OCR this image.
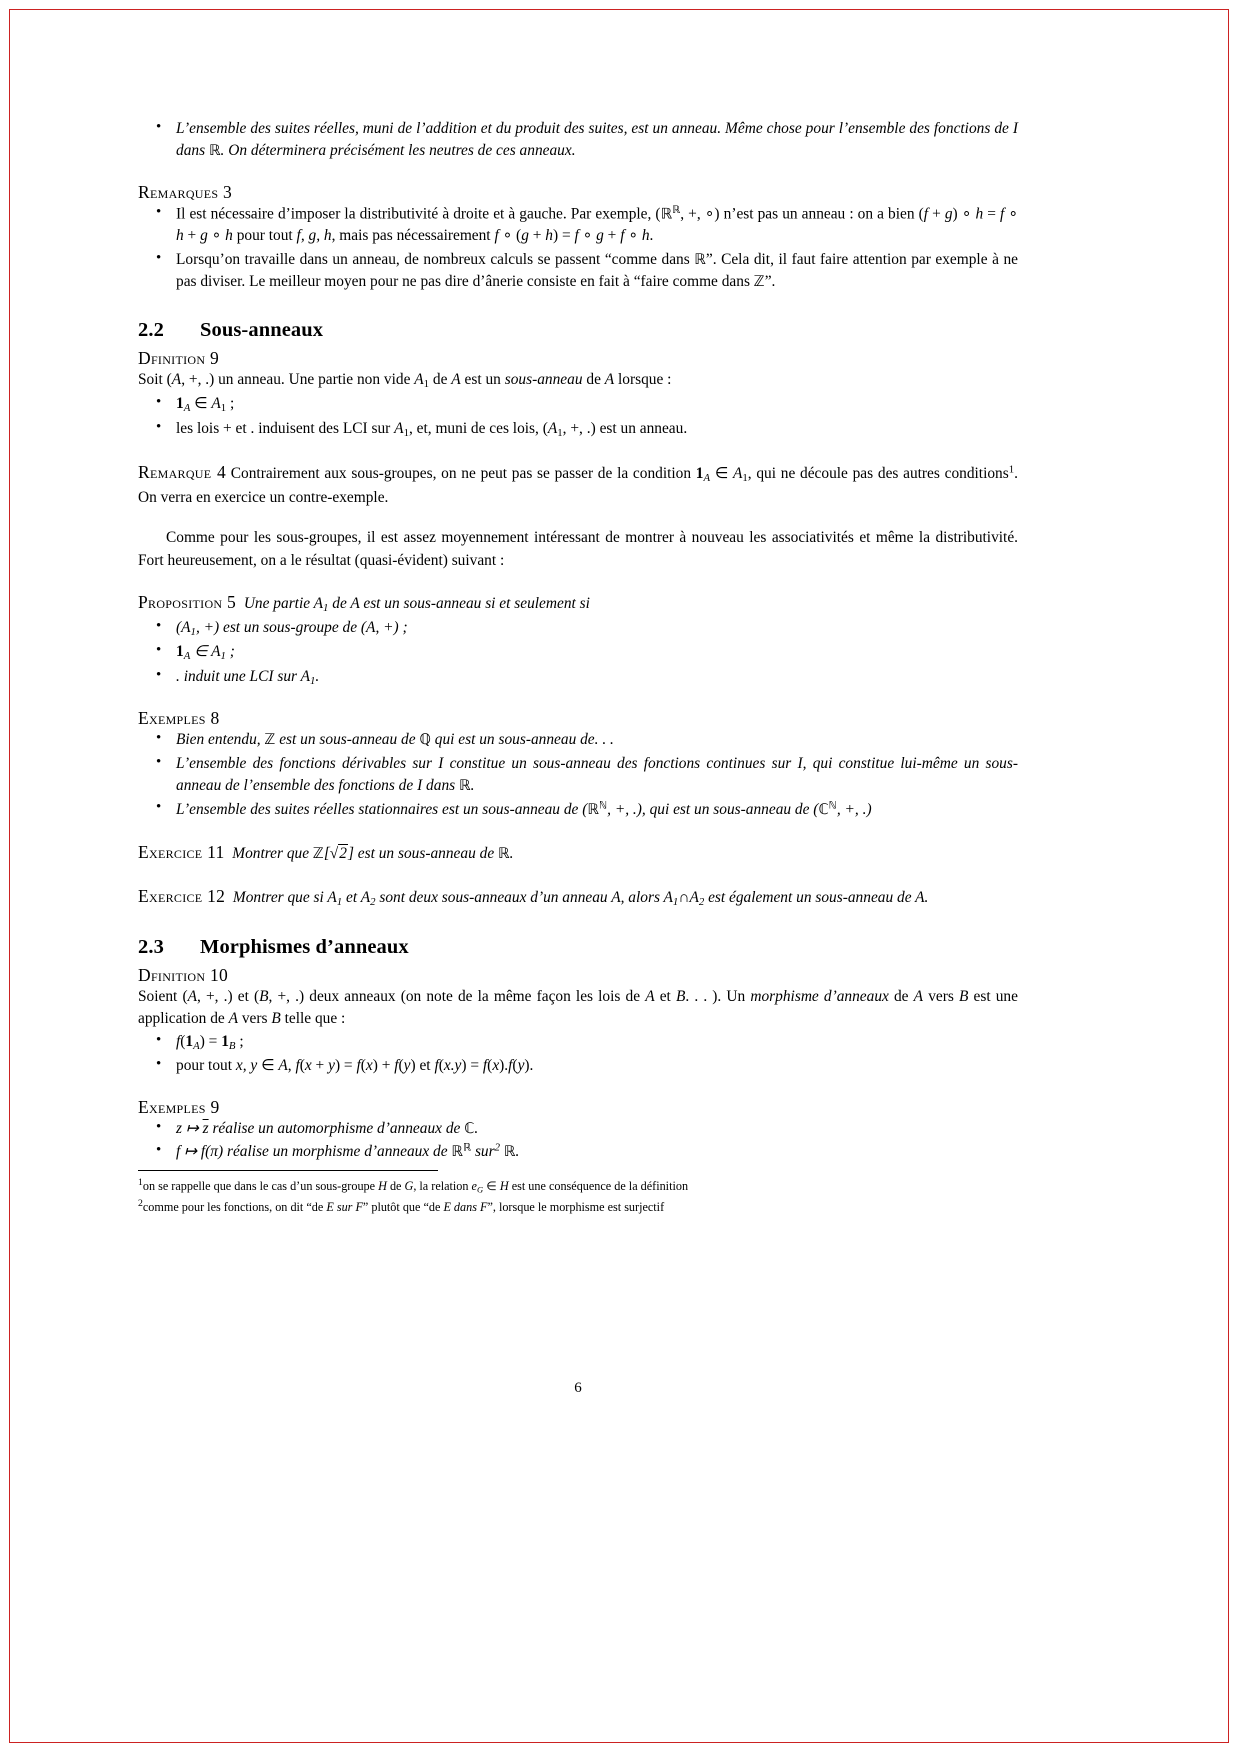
• L’ensemble des suites réelles, muni de l’addition et du produit des suites, est un anneau. Même chose pour l’ensemble des fonctions de I dans ℝ. On déterminera précisément les neutres de ces anneaux.
Remarques 3
• Il est nécessaire d’imposer la distributivité à droite et à gauche. Par exemple, (ℝ$^ℝ$, +, ∘) n’est pas un anneau : on a bien (f + g) ∘ h = f ∘ h + g ∘ h pour tout f, g, h, mais pas nécessairement f ∘ (g + h) = f ∘ g + f ∘ h.
• Lorsqu’on travaille dans un anneau, de nombreux calculs se passent “comme dans ℝ”. Cela dit, il faut faire attention par exemple à ne pas diviser. Le meilleur moyen pour ne pas dire d’ânerie consiste en fait à “faire comme dans ℤ”.
2.2 Sous-anneaux
Dfinition 9

Soit (A, +, .) un anneau. Une partie non vide $A_1$ de A est un sous-anneau de A lorsque :

• $1_A$ ∈ $A_1$ ;
• les lois + et . induisent des LCI sur $A_1$, et, muni de ces lois, ($A_1$, +, .) est un anneau.

Remarque 4 Contrairement aux sous-groupes, on ne peut pas se passer de la condition $1_A$ ∈ $A_1$, qui ne découle pas des autres conditions$^1$. On verra en exercice un contre-exemple.

Comme pour les sous-groupes, il est assez moyennement intéressant de montrer à nouveau les associativités et même la distributivité. Fort heureusement, on a le résultat (quasi-évident) suivant :

Proposition 5  Une partie $A_1$ de A est un sous-anneau si et seulement si

• ($A_1$, +) est un sous-groupe de (A, +) ;
• $1_A$ ∈ $A_1$ ;
• . induit une LCI sur $A_1$.
Exemples 8
• Bien entendu, ℤ est un sous-anneau de ℚ qui est un sous-anneau de. . .
• L’ensemble des fonctions dérivables sur I constitue un sous-anneau des fonctions continues sur I, qui constitue lui-même un sous-anneau de l’ensemble des fonctions de I dans ℝ.
• L’ensemble des suites réelles stationnaires est un sous-anneau de (ℝ$^ℕ$, +, .), qui est un sous-anneau de (ℂ$^ℕ$, +, .)

Exercice 11  Montrer que ℤ[√2] est un sous-anneau de ℝ.

Exercice 12  Montrer que si $A_1$ et $A_2$ sont deux sous-anneaux d’un anneau A, alors $A_1\cap A_2$ est également un sous-anneau de A.

2.3 Morphismes d’anneaux
Dfinition 10

Soient (A, +, .) et (B, +, .) deux anneaux (on note de la même façon les lois de A et B. . . ). Un morphisme d’anneaux de A vers B est une application de A vers B telle que :

• $f(1_A) = 1_B$ ;
• pour tout x, y ∈ A, f(x + y) = f(x) + f(y) et f(x.y) = f(x).f(y).
Exemples 9
• z ↦ $\overline{z}$ réalise un automorphisme d’anneaux de ℂ.
• f ↦ f(π) réalise un morphisme d’anneaux de ℝ$^ℝ$ sur$^2$ ℝ.
$^1$on se rappelle que dans le cas d’un sous-groupe H de G, la relation $e_G$ ∈ H est une conséquence de la définition
$^2$comme pour les fonctions, on dit “de E sur F” plutôt que “de E dans F”, lorsque le morphisme est surjectif
6
